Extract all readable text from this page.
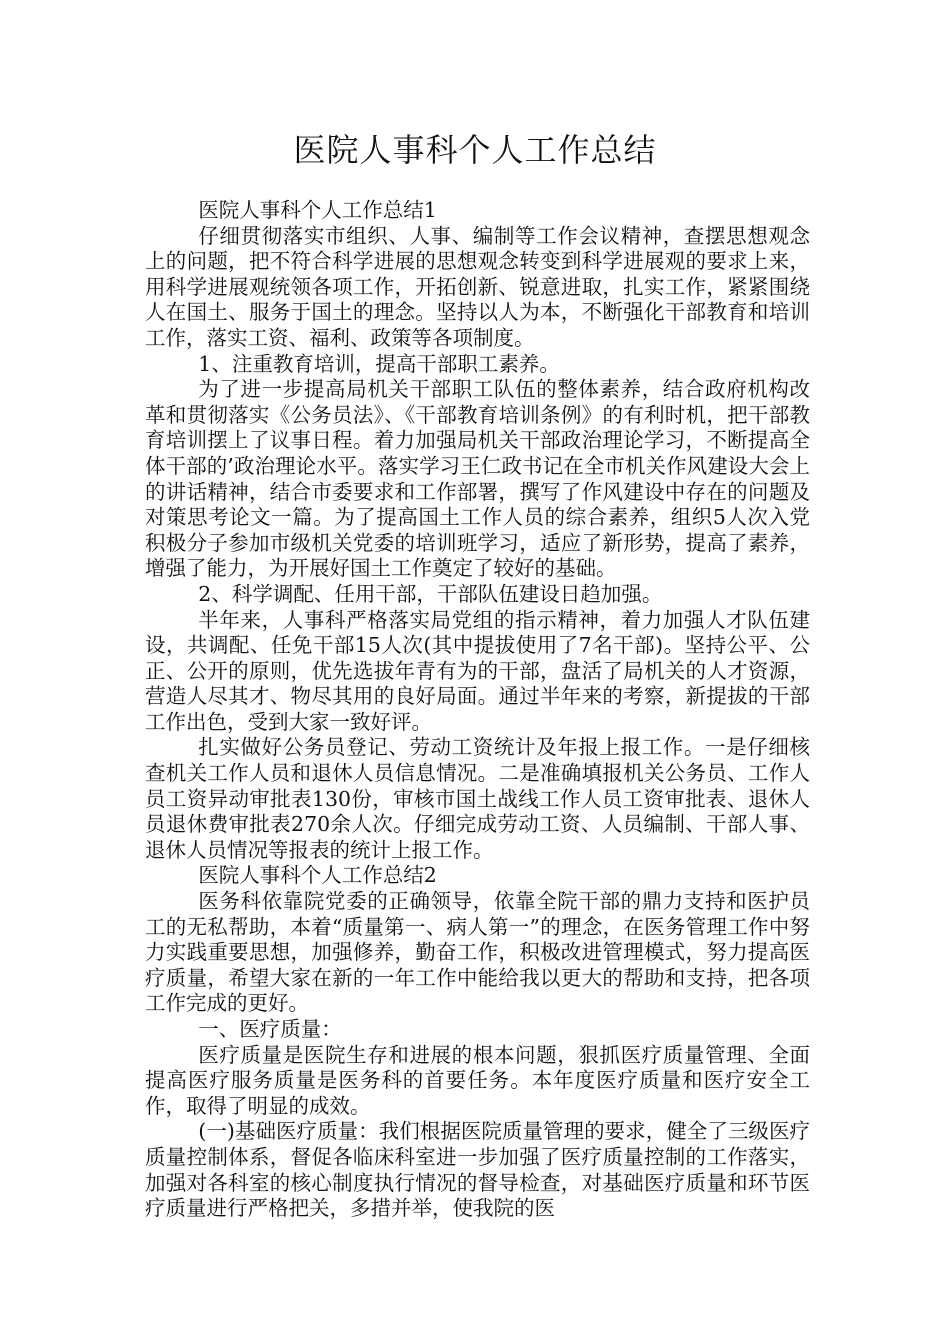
医院人事科个人工作总结

医院人事科个人工作总结1

仔细贯彻落实市组织、人事、编制等工作会议精神，查摆思想观念上的问题，把不符合科学进展的思想观念转变到科学进展观的要求上来，用科学进展观统领各项工作，开拓创新、锐意进取，扎实工作，紧紧围绕人在国土、服务于国土的理念。坚持以人为本，不断强化干部教育和培训工作，落实工资、福利、政策等各项制度。

1、注重教育培训，提高干部职工素养。

为了进一步提高局机关干部职工队伍的整体素养，结合政府机构改革和贯彻落实《公务员法》、《干部教育培训条例》的有利时机，把干部教育培训摆上了议事日程。着力加强局机关干部政治理论学习，不断提高全体干部的’政治理论水平。落实学习王仁政书记在全市机关作风建设大会上的讲话精神，结合市委要求和工作部署，撰写了作风建设中存在的问题及对策思考论文一篇。为了提高国土工作人员的综合素养，组织5人次入党积极分子参加市级机关党委的培训班学习，适应了新形势，提高了素养，增强了能力，为开展好国土工作奠定了较好的基础。

2、科学调配、任用干部，干部队伍建设日趋加强。

半年来，人事科严格落实局党组的指示精神，着力加强人才队伍建设，共调配、任免干部15人次(其中提拔使用了7名干部)。坚持公平、公正、公开的原则，优先选拔年青有为的干部，盘活了局机关的人才资源，营造人尽其才、物尽其用的良好局面。通过半年来的考察，新提拔的干部工作出色，受到大家一致好评。

扎实做好公务员登记、劳动工资统计及年报上报工作。一是仔细核查机关工作人员和退休人员信息情况。二是准确填报机关公务员、工作人员工资异动审批表130份，审核市国土战线工作人员工资审批表、退休人员退休费审批表270余人次。仔细完成劳动工资、人员编制、干部人事、退休人员情况等报表的统计上报工作。

医院人事科个人工作总结2

医务科依靠院党委的正确领导，依靠全院干部的鼎力支持和医护员工的无私帮助，本着“质量第一、病人第一”的理念，在医务管理工作中努力实践重要思想，加强修养，勤奋工作，积极改进管理模式，努力提高医疗质量，希望大家在新的一年工作中能给我以更大的帮助和支持，把各项工作完成的更好。

一、医疗质量：

医疗质量是医院生存和进展的根本问题，狠抓医疗质量管理、全面提高医疗服务质量是医务科的首要任务。本年度医疗质量和医疗安全工作，取得了明显的成效。

(一)基础医疗质量：我们根据医院质量管理的要求，健全了三级医疗质量控制体系，督促各临床科室进一步加强了医疗质量控制的工作落实，加强对各科室的核心制度执行情况的督导检查，对基础医疗质量和环节医疗质量进行严格把关，多措并举，使我院的医
